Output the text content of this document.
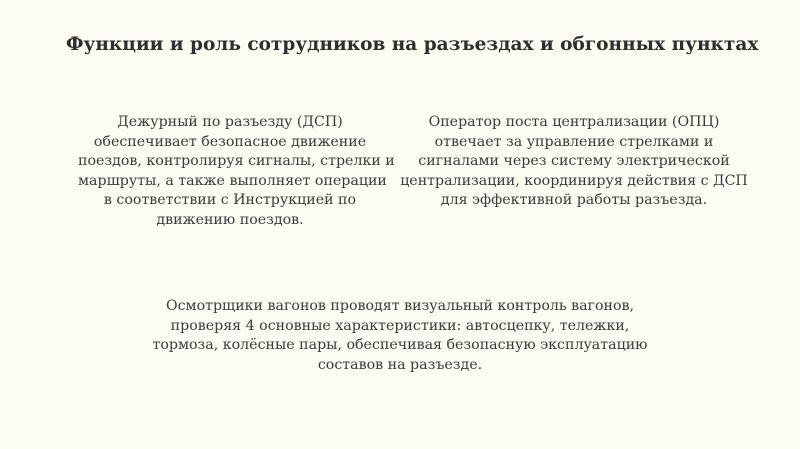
Функции и роль сотрудников на разъездах и обгонных пунктах
Дежурный по разъезду (ДСП)
обеспечивает безопасное движение
поездов, контролируя сигналы, стрелки и
маршруты, а также выполняет операции
в соответствии с Инструкцией по
движению поездов.
Оператор поста централизации (ОПЦ)
отвечает за управление стрелками и
сигналами через систему электрической
централизации, координируя действия с ДСП
для эффективной работы разъезда.
Осмотрщики вагонов проводят визуальный контроль вагонов,
проверяя 4 основные характеристики: автосцепку, тележки,
тормоза, колёсные пары, обеспечивая безопасную эксплуатацию
составов на разъезде.
